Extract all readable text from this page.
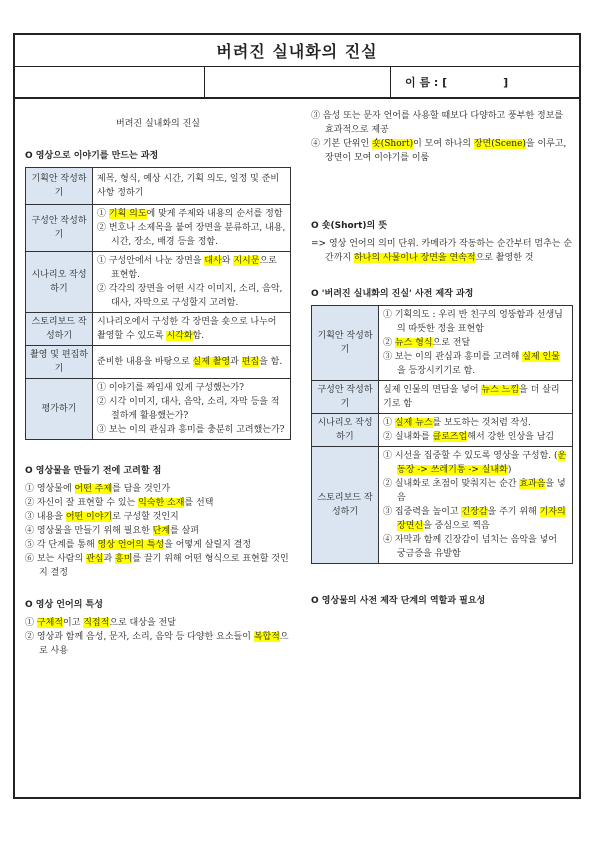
버려진 실내화의 진실
이 름 : [	]
버려진 실내화의 진실
O 영상으로 이야기를 만드는 과정
기획안 작성하기	제목, 형식, 예상 시간, 기획 의도, 일정 및 준비 사항 정하기
구성안 작성하기	① 기획 의도에 맞게 주제와 내용의 순서를 정함

② 번호나 소제목을 붙여 장면을 분류하고, 내용, 시간, 장소, 배경 등을 정함.

시나리오 작성하기	① 구성안에서 나눈 장면을 대사와 지시문으로 표현함.

② 각각의 장면을 어떤 시각 이미지, 소리, 음악, 대사, 자막으로 구성할지 고려함.

스토리보드 작성하기	시나리오에서 구성한 각 장면을 숏으로 나누어 촬영할 수 있도록 시각화함.
촬영 및 편집하기	준비한 내용을 바탕으로 실제 촬영과 편집을 함.
평가하기	① 이야기를 짜임새 있게 구성했는가?

② 시각 이미지, 대사, 음악, 소리, 자막 등을 적절하게 활용했는가?

③ 보는 이의 관심과 흥미를 충분히 고려했는가?

O 영상물을 만들기 전에 고려할 점

① 영상물에 어떤 주제를 담을 것인가

② 자신이 잘 표현할 수 있는 익숙한 소재를 선택

③ 내용을 어떤 이야기로 구성할 것인지

④ 영상물을 만들기 위해 필요한 단계를 살펴

⑤ 각 단계를 통해 영상 언어의 특성을 어떻게 살릴지 결정

⑥ 보는 사람의 관심과 흥미를 끌기 위해 어떤 형식으로 표현할 것인지 결정

O 영상 언어의 특성

① 구체적이고 직접적으로 대상을 전달

② 영상과 함께 음성, 문자, 소리, 음악 등 다양한 요소들이 복합적으로 사용

③ 음성 또는 문자 언어를 사용할 때보다 다양하고 풍부한 정보를 효과적으로 제공

④ 기본 단위인 숏(Short)이 모여 하나의 장면(Scene)을 이루고, 장면이 모여 이야기를 이룸

O 숏(Short)의 뜻

=> 영상 언어의 의미 단위. 카메라가 작동하는 순간부터 멈추는 순간까지 하나의 사물이나 장면을 연속적으로 촬영한 것

O '버려진 실내화의 진실' 사전 제작 과정
기획안 작성하기	① 기획의도 : 우리 반 친구의 엉뚱함과 선생님의 따뜻한 정을 표현함

② 뉴스 형식으로 전달

③ 보는 이의 관심과 흥미를 고려해 실제 인물을 등장시키기로 함.

구성안 작성하기	실제 인물의 면담을 넣어 뉴스 느낌을 더 살리기로 함
시나리오 작성하기	① 실제 뉴스를 보도하는 것처럼 작성.

② 실내화를 클로즈업해서 강한 인상을 남김

스토리보드 작성하기	① 시선을 집중할 수 있도록 영상을 구성함. (운동장 -> 쓰레기통 -> 실내화)

② 실내화로 초점이 맞춰지는 순간 효과음을 넣음

③ 집중력을 높이고 긴장감을 주기 위해 기자의 장면신을 중심으로 찍음

④ 자막과 함께 긴장감이 넘치는 음악을 넣어 궁금증을 유발함

O 영상물의 사전 제작 단계의 역할과 필요성
